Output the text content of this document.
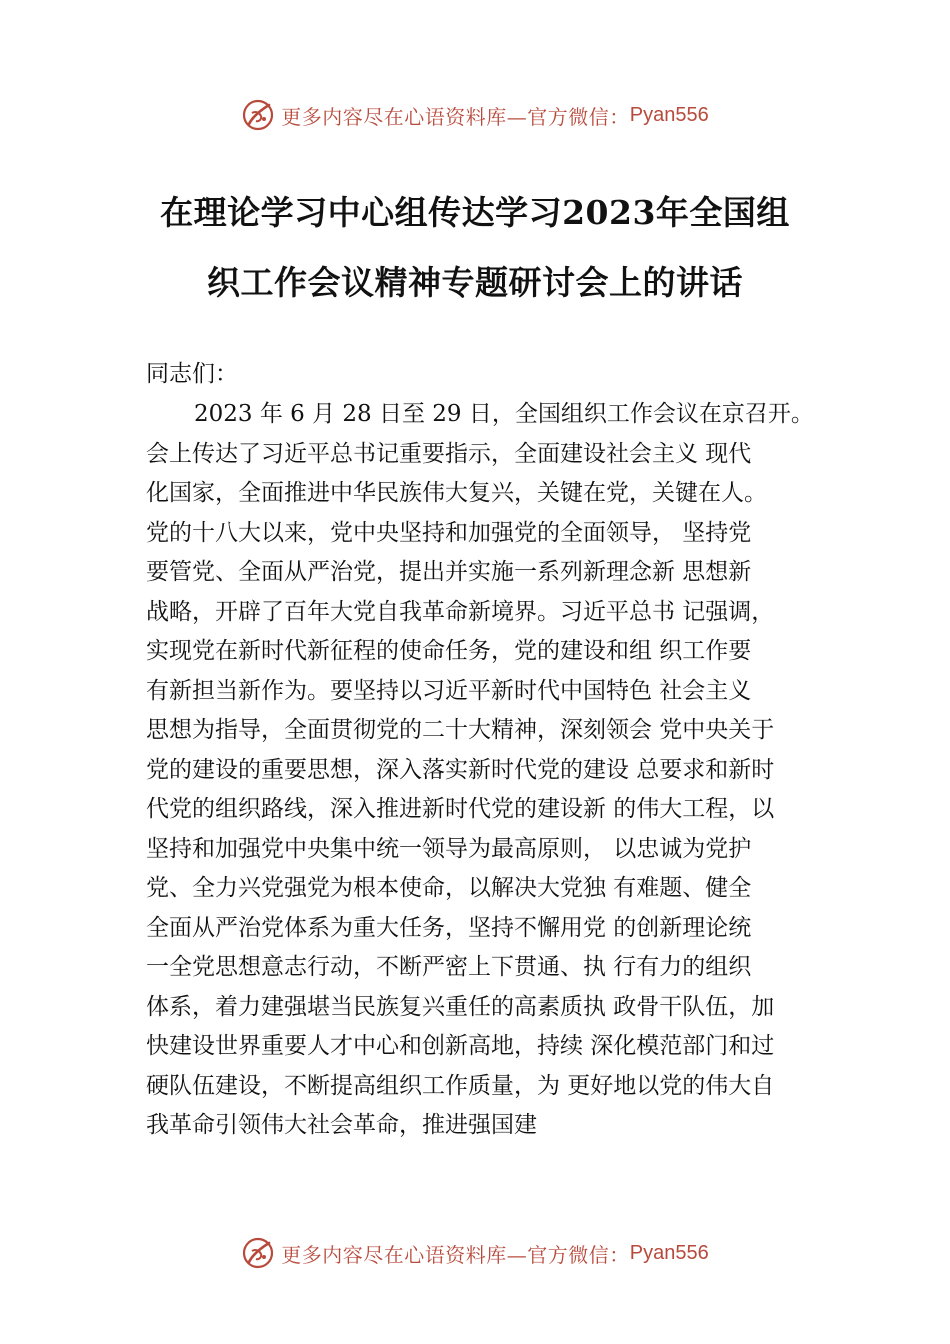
更多内容尽在心语资料库—官方微信： Pyan556
在理论学习中心组传达学习2023年全国组
织工作会议精神专题研讨会上的讲话
同志们：
2023 年 6 月 28 日至 29 日，全国组织工作会议在京召开。
会上传达了习近平总书记重要指示，全面建设社会主义 现代
化国家，全面推进中华民族伟大复兴，关键在党，关键在人。
党的十八大以来，党中央坚持和加强党的全面领导， 坚持党
要管党、全面从严治党，提出并实施一系列新理念新 思想新
战略，开辟了百年大党自我革命新境界。习近平总书 记强调，
实现党在新时代新征程的使命任务，党的建设和组 织工作要
有新担当新作为。要坚持以习近平新时代中国特色 社会主义
思想为指导，全面贯彻党的二十大精神，深刻领会 党中央关于
党的建设的重要思想，深入落实新时代党的建设 总要求和新时
代党的组织路线，深入推进新时代党的建设新 的伟大工程，以
坚持和加强党中央集中统一领导为最高原则， 以忠诚为党护
党、全力兴党强党为根本使命，以解决大党独 有难题、健全
全面从严治党体系为重大任务，坚持不懈用党 的创新理论统
一全党思想意志行动，不断严密上下贯通、执 行有力的组织
体系，着力建强堪当民族复兴重任的高素质执 政骨干队伍，加
快建设世界重要人才中心和创新高地，持续 深化模范部门和过
硬队伍建设，不断提高组织工作质量，为 更好地以党的伟大自
我革命引领伟大社会革命，推进强国建
更多内容尽在心语资料库—官方微信： Pyan556
